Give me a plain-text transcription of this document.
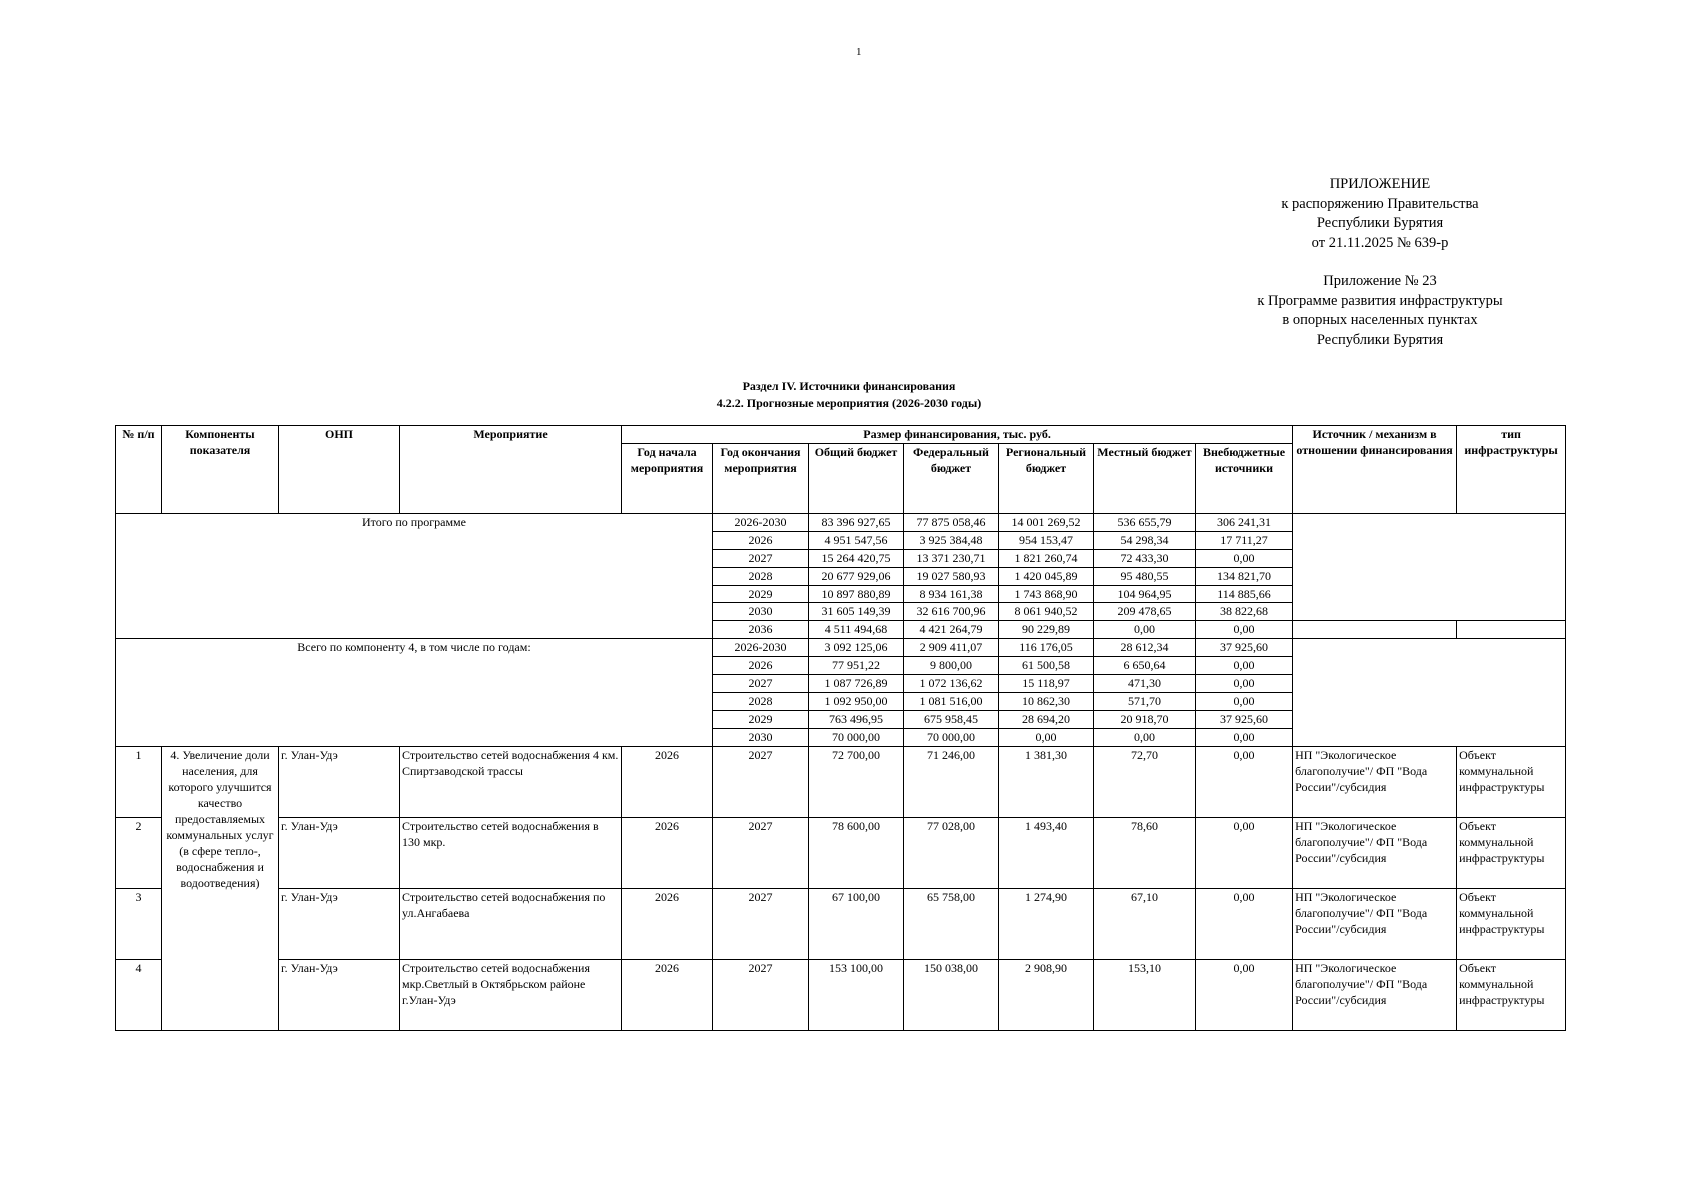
1
ПРИЛОЖЕНИЕ
к распоряжению Правительства
Республики Бурятия
от 21.11.2025 № 639-р
Приложение № 23
к Программе развития инфраструктуры
в опорных населенных пунктах
Республики Бурятия
Раздел IV. Источники финансирования
4.2.2. Прогнозные мероприятия (2026-2030 годы)
№ п/п	Компоненты показателя	ОНП	Мероприятие	Размер финансирования, тыс. руб.							Источник / механизм в отношении финансирования	тип инфраструктуры
				Год начала мероприятия	Год окончания мероприятия	Общий бюджет	Федеральный бюджет	Региональный бюджет	Местный бюджет	Внебюджетные источники		
Итого по программе					2026-2030	83 396 927,65	77 875 058,46	14 001 269,52	536 655,79	306 241,31		
					2026	4 951 547,56	3 925 384,48	954 153,47	54 298,34	17 711,27		
					2027	15 264 420,75	13 371 230,71	1 821 260,74	72 433,30	0,00		
					2028	20 677 929,06	19 027 580,93	1 420 045,89	95 480,55	134 821,70		
					2029	10 897 880,89	8 934 161,38	1 743 868,90	104 964,95	114 885,66		
					2030	31 605 149,39	32 616 700,96	8 061 940,52	209 478,65	38 822,68		
					2036	4 511 494,68	4 421 264,79	90 229,89	0,00	0,00		
Всего по компоненту 4, в том числе по годам:					2026-2030	3 092 125,06	2 909 411,07	116 176,05	28 612,34	37 925,60		
					2026	77 951,22	9 800,00	61 500,58	6 650,64	0,00		
					2027	1 087 726,89	1 072 136,62	15 118,97	471,30	0,00		
					2028	1 092 950,00	1 081 516,00	10 862,30	571,70	0,00		
					2029	763 496,95	675 958,45	28 694,20	20 918,70	37 925,60		
					2030	70 000,00	70 000,00	0,00	0,00	0,00		
1	4. Увеличение доли населения, для которого улучшится качество предоставляемых коммунальных услуг (в сфере тепло-, водоснабжения и водоотведения)	г. Улан-Удэ	Строительство сетей водоснабжения 4 км. Спиртзаводской трассы	2026	2027	72 700,00	71 246,00	1 381,30	72,70	0,00	НП "Экологическое благополучие"/ ФП "Вода России"/субсидия	Объект коммунальной инфраструктуры
2		г. Улан-Удэ	Строительство сетей водоснабжения в 130 мкр.	2026	2027	78 600,00	77 028,00	1 493,40	78,60	0,00	НП "Экологическое благополучие"/ ФП "Вода России"/субсидия	Объект коммунальной инфраструктуры
3		г. Улан-Удэ	Строительство сетей водоснабжения по ул.Ангабаева	2026	2027	67 100,00	65 758,00	1 274,90	67,10	0,00	НП "Экологическое благополучие"/ ФП "Вода России"/субсидия	Объект коммунальной инфраструктуры
4		г. Улан-Удэ	Строительство сетей водоснабжения мкр.Светлый в Октябрьском районе г.Улан-Удэ	2026	2027	153 100,00	150 038,00	2 908,90	153,10	0,00	НП "Экологическое благополучие"/ ФП "Вода России"/субсидия	Объект коммунальной инфраструктуры
